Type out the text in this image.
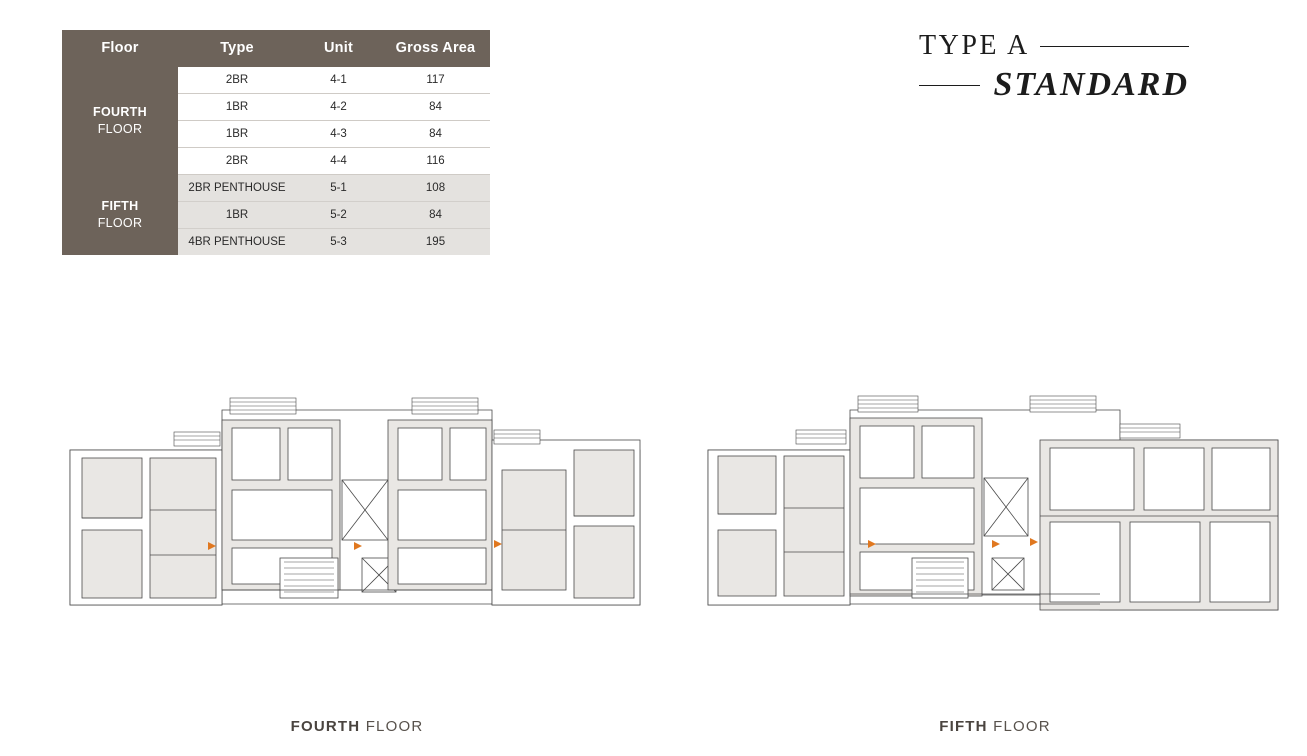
Floor	Type	Unit	Gross Area
FOURTH
FLOOR	2BR	4-1	117
	1BR	4-2	84
	1BR	4-3	84
	2BR	4-4	116
FIFTH
FLOOR	2BR PENTHOUSE	5-1	108
	1BR	5-2	84
	4BR PENTHOUSE	5-3	195
TYPE A
STANDARD
FOURTH FLOOR	FIFTH FLOOR
